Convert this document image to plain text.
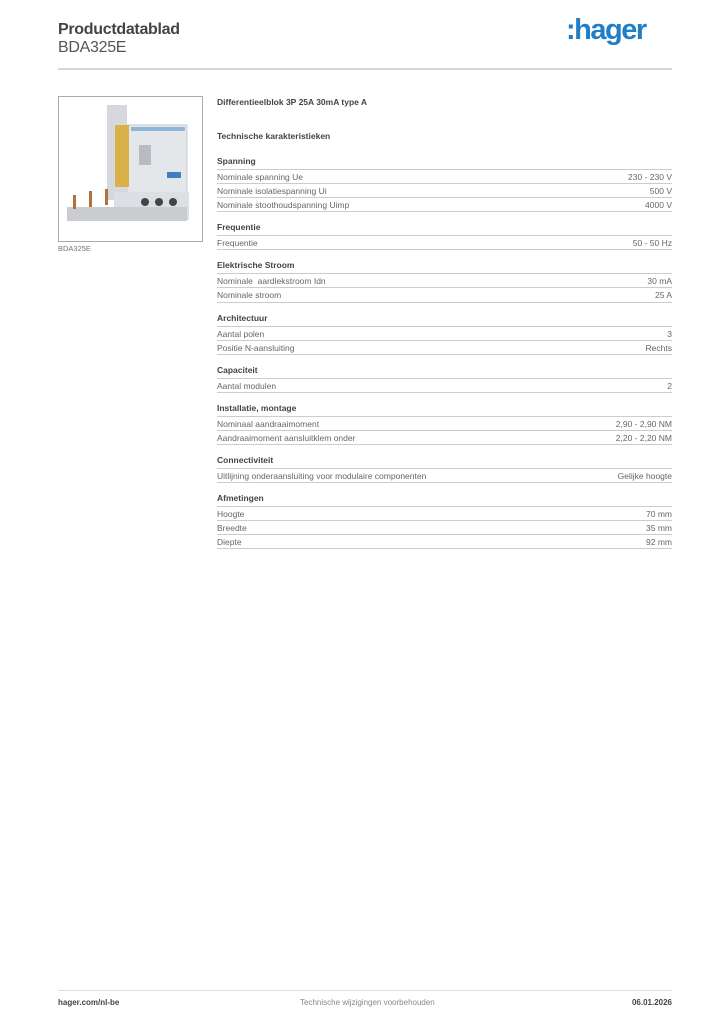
Productdatablad
BDA325E
:hager
BDA325E
Differentieelblok 3P 25A 30mA type A
Technische karakteristieken
Spanning
Nominale spanning Ue	230 - 230 V
Nominale isolatiespanning Ui	500 V
Nominale stoothoudspanning Uimp	4000 V
Frequentie
Frequentie	50 - 50 Hz
Elektrische Stroom
Nominale  aardlekstroom Idn	30 mA
Nominale stroom	25 A
Architectuur
Aantal polen	3
Positie N-aansluiting	Rechts
Capaciteit
Aantal modulen	2
Installatie, montage
Nominaal aandraaimoment	2,90 - 2,90 NM
Aandraaimoment aansluitklem onder	2,20 - 2,20 NM
Connectiviteit
Uitlijning onderaansluiting voor modulaire componenten	Gelijke hoogte
Afmetingen
Hoogte	70 mm
Breedte	35 mm
Diepte	92 mm
hager.com/nl-be	Technische wijzigingen voorbehouden	06.01.2026
